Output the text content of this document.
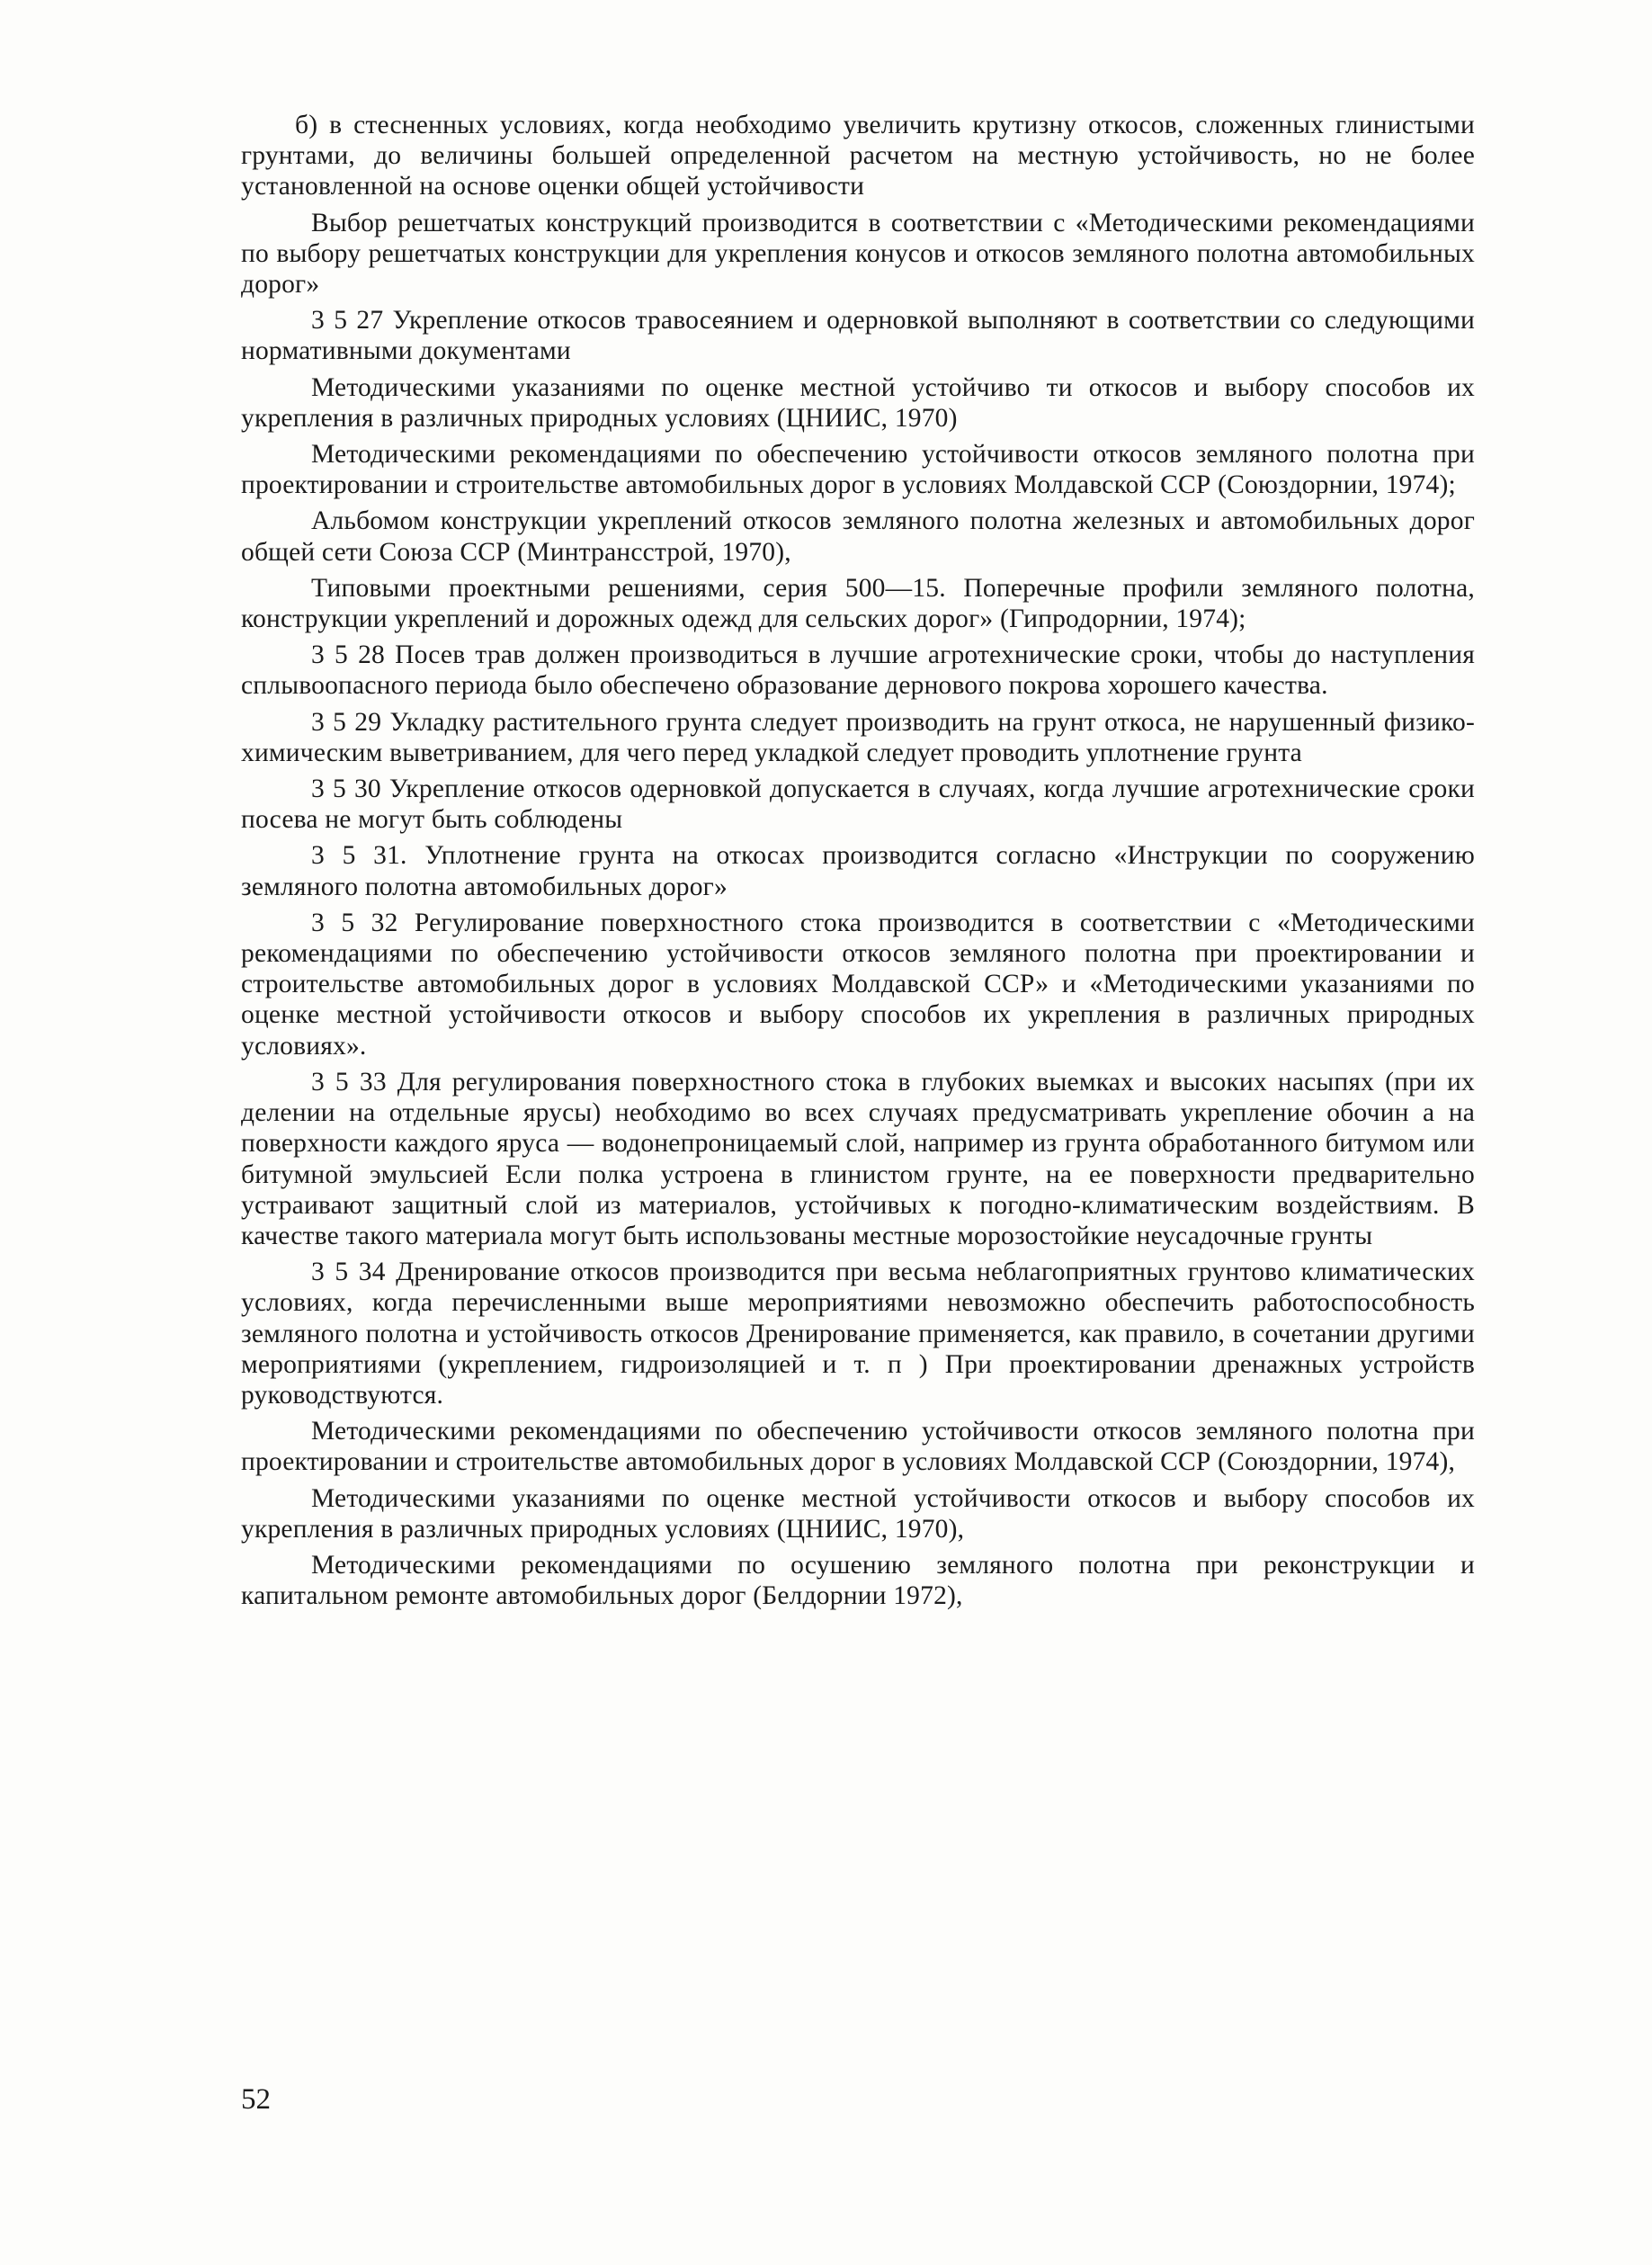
б) в стесненных условиях, когда необходимо увеличить крутизну откосов, сложенных глинистыми грунтами, до величины большей определенной расчетом на местную устойчивость, но не более установленной на основе оценки общей устойчивости

Выбор решетчатых конструкций производится в соответствии с «Методическими рекомендациями по выбору решетчатых конструкции для укрепления конусов и откосов земляного полотна автомобильных дорог»

3 5 27 Укрепление откосов травосеянием и одерновкой выполняют в соответствии со следующими нормативными документами

Методическими указаниями по оценке местной устойчиво ти откосов и выбору способов их укрепления в различных природных условиях (ЦНИИС, 1970)

Методическими рекомендациями по обеспечению устойчивости откосов земляного полотна при проектировании и строительстве автомобильных дорог в условиях Молдавской ССР (Союздорнии, 1974);

Альбомом конструкции укреплений откосов земляного полотна железных и автомобильных дорог общей сети Союза ССР (Минтрансстрой, 1970),

Типовыми проектными решениями, серия 500—15. Поперечные профили земляного полотна, конструкции укреплений и дорожных одежд для сельских дорог» (Гипродорнии, 1974);

3 5 28 Посев трав должен производиться в лучшие агротехнические сроки, чтобы до наступления сплывоопасного периода было обеспечено образование дернового покрова хорошего качества.

3 5 29 Укладку растительного грунта следует производить на грунт откоса, не нарушенный физико-химическим выветриванием, для чего перед укладкой следует проводить уплотнение грунта

3 5 30 Укрепление откосов одерновкой допускается в случаях, когда лучшие агротехнические сроки посева не могут быть соблюдены

3 5 31. Уплотнение грунта на откосах производится согласно «Инструкции по сооружению земляного полотна автомобильных дорог»

3 5 32 Регулирование поверхностного стока производится в соответствии с «Методическими рекомендациями по обеспечению устойчивости откосов земляного полотна при проектировании и строительстве автомобильных дорог в условиях Молдавской ССР» и «Методическими указаниями по оценке местной устойчивости откосов и выбору способов их укрепления в различных природных условиях».

3 5 33 Для регулирования поверхностного стока в глубоких выемках и высоких насыпях (при их делении на отдельные ярусы) необходимо во всех случаях предусматривать укрепление обочин а на поверхности каждого яруса — водонепроницаемый слой, например из грунта обработанного битумом или битумной эмульсией Если полка устроена в глинистом грунте, на ее поверхности предварительно устраивают защитный слой из материалов, устойчивых к погодно-климатическим воздействиям. В качестве такого материала могут быть использованы местные морозостойкие неусадочные грунты

3 5 34 Дренирование откосов производится при весьма неблагоприятных грунтово климатических условиях, когда перечисленными выше мероприятиями невозможно обеспечить работоспособность земляного полотна и устойчивость откосов Дренирование применяется, как правило, в сочетании другими мероприятиями (укреплением, гидроизоляцией и т. п ) При проектировании дренажных устройств руководствуются.

Методическими рекомендациями по обеспечению устойчивости откосов земляного полотна при проектировании и строительстве автомобильных дорог в условиях Молдавской ССР (Союздорнии, 1974),

Методическими указаниями по оценке местной устойчивости откосов и выбору способов их укрепления в различных природных условиях (ЦНИИС, 1970),

Методическими рекомендациями по осушению земляного полотна при реконструкции и капитальном ремонте автомобильных дорог (Белдорнии 1972),

52
